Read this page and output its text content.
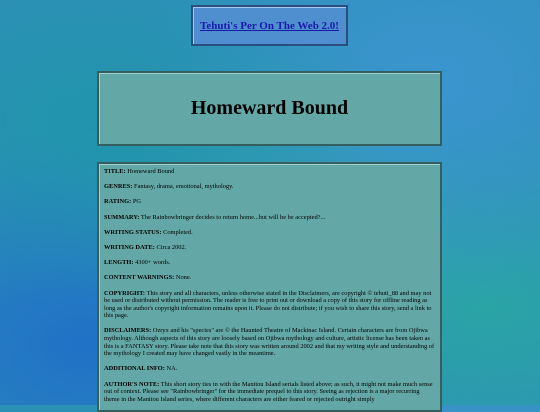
Tehuti's Per On The Web 2.0!
Homeward Bound

TITLE: Homeward Bound

GENRES: Fantasy, drama, emotional, mythology.

RATING: PG

SUMMARY: The Rainbowbringer decides to return home...but will he be accepted?...

WRITING STATUS: Completed.

WRITING DATE: Circa 2002.

LENGTH: 4300+ words.

CONTENT WARNINGS: None.

COPYRIGHT: This story and all characters, unless otherwise stated in the Disclaimers, are copyright © tehuti_88 and may not be used or distributed without permission. The reader is free to print out or download a copy of this story for offline reading as long as the author's copyright information remains upon it. Please do not distribute; if you wish to share this story, send a link to this page.

DISCLAIMERS: Ozryx and his "species" are © the Haunted Theatre of Mackinac Island. Certain characters are from Ojibwa mythology. Although aspects of this story are loosely based on Ojibwa mythology and culture, artistic license has been taken as this is a FANTASY story. Please take note that this story was written around 2002 and that my writing style and understanding of the mythology I created may have changed vastly in the meantime.

ADDITIONAL INFO: NA.

AUTHOR'S NOTE: This short story ties in with the Manitou Island serials listed above; as such, it might not make much sense out of context. Please see "Rainbowbringer" for the immediate prequel to this story. Seeing as rejection is a major recurring theme in the Manitou Island series, where different characters are either feared or rejected outright simply
